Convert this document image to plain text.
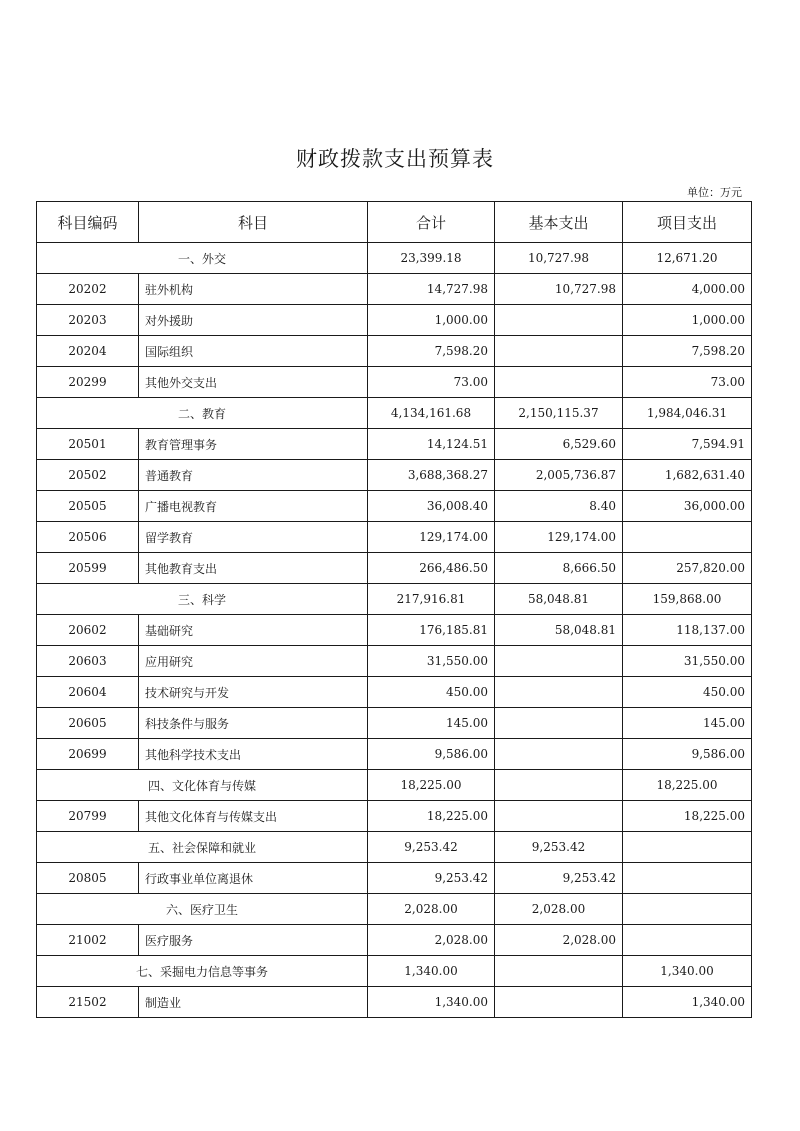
财政拨款支出预算表
单位：万元
科目编码	科目	合计	基本支出	项目支出
一、外交		23,399.18	10,727.98	12,671.20
20202	驻外机构	14,727.98	10,727.98	4,000.00
20203	对外援助	1,000.00		1,000.00
20204	国际组织	7,598.20		7,598.20
20299	其他外交支出	73.00		73.00
二、教育		4,134,161.68	2,150,115.37	1,984,046.31
20501	教育管理事务	14,124.51	6,529.60	7,594.91
20502	普通教育	3,688,368.27	2,005,736.87	1,682,631.40
20505	广播电视教育	36,008.40	8.40	36,000.00
20506	留学教育	129,174.00	129,174.00	
20599	其他教育支出	266,486.50	8,666.50	257,820.00
三、科学		217,916.81	58,048.81	159,868.00
20602	基础研究	176,185.81	58,048.81	118,137.00
20603	应用研究	31,550.00		31,550.00
20604	技术研究与开发	450.00		450.00
20605	科技条件与服务	145.00		145.00
20699	其他科学技术支出	9,586.00		9,586.00
四、文化体育与传媒		18,225.00		18,225.00
20799	其他文化体育与传媒支出	18,225.00		18,225.00
五、社会保障和就业		9,253.42	9,253.42	
20805	行政事业单位离退休	9,253.42	9,253.42	
六、医疗卫生		2,028.00	2,028.00	
21002	医疗服务	2,028.00	2,028.00	
七、采掘电力信息等事务		1,340.00		1,340.00
21502	制造业	1,340.00		1,340.00
